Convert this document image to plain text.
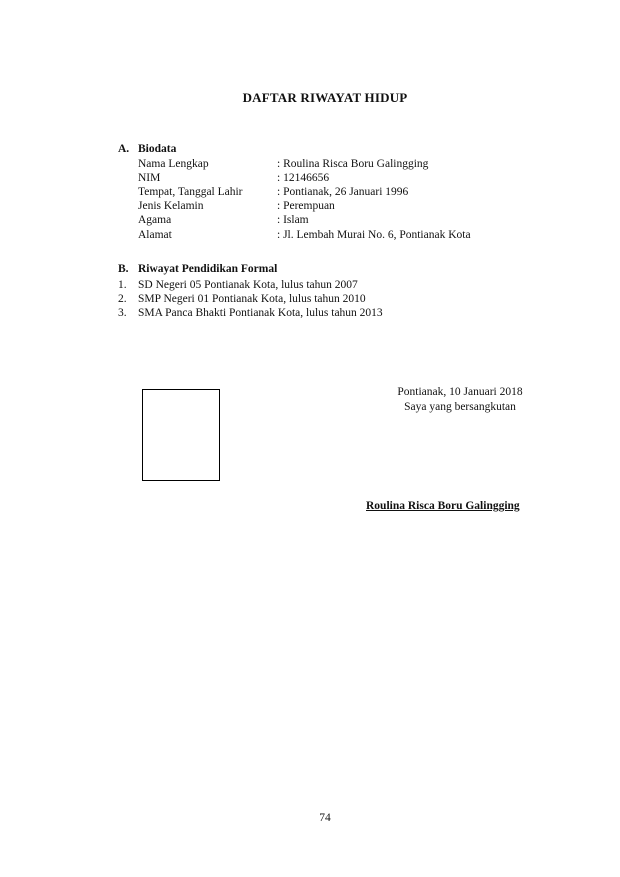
DAFTAR RIWAYAT HIDUP
A. Biodata
Nama Lengkap	: Roulina Risca Boru Galingging
NIM	: 12146656
Tempat, Tanggal Lahir	: Pontianak, 26 Januari 1996
Jenis Kelamin	: Perempuan
Agama	: Islam
Alamat	: Jl. Lembah Murai No. 6, Pontianak Kota
B. Riwayat Pendidikan Formal
1. SD Negeri 05 Pontianak Kota, lulus tahun 2007
2. SMP Negeri 01 Pontianak Kota, lulus tahun 2010
3. SMA Panca Bhakti Pontianak Kota, lulus tahun 2013
Pontianak, 10 Januari 2018
Saya yang bersangkutan
Roulina Risca Boru Galingging
74
